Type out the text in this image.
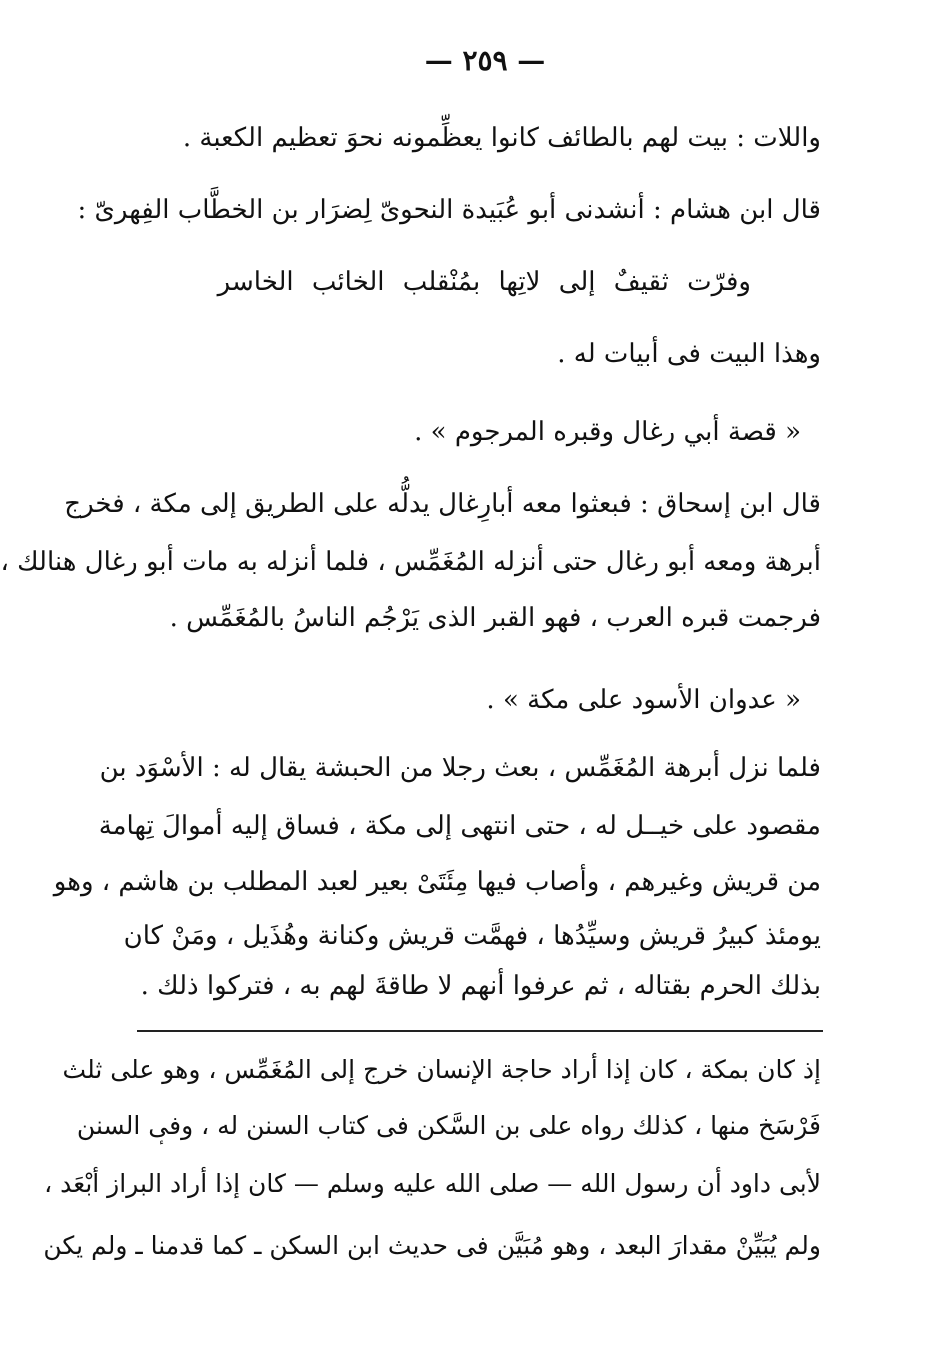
— ٢٥٩ —
واللات : بيت لهم بالطائف كانوا يعظِّمونه نحوَ تعظيم الكعبة .
قال ابن هشام : أنشدنى أبو عُبَيدة النحوىّ لِضرَار بن الخطَّاب الفِهرىّ :
وفرّت ثقيفٌ إلى لاتِها بمُنْقلب الخائب الخاسر
وهذا البيت فى أبيات له .
« قصة أبي رغال وقبره المرجوم » .
قال ابن إسحاق : فبعثوا معه أبارِغال يدلُّه على الطريق إلى مكة ، فخرج
أبرهة ومعه أبو رغال حتى أنزله المُغَمِّس ، فلما أنزله به مات أبو رغال هنالك ،
فرجمت قبره العرب ، فهو القبر الذى يَرْجُم الناسُ بالمُغَمِّس .
« عدوان الأسود على مكة » .
فلما نزل أبرهة المُغَمِّس ، بعث رجلا من الحبشة يقال له : الأسْوَد بن
مقصود على خيــل له ، حتى انتهى إلى مكة ، فساق إليه أموالَ تِهامة
من قريش وغيرهم ، وأصاب فيها مِئَتَىْ بعير لعبد المطلب بن هاشم ، وهو
يومئذ كبيرُ قريش وسيِّدُها ، فهمَّت قريش وكنانة وهُذَيل ، ومَنْ كان
بذلك الحرم بقتاله ، ثم عرفوا أنهم لا طاقةَ لهم به ، فتركوا ذلك .
إذ كان بمكة ، كان إذا أراد حاجة الإنسان خرج إلى المُغَمِّس ، وهو على ثلث
فَرْسَخ منها ، كذلك رواه على بن السَّكن فى كتاب السنن له ، وفى السنن
لأبى داود أن رسول الله — صلى الله عليه وسلم — كان إذا أراد البراز أبْعَد ،
ولم يُبَيِّنْ مقدارَ البعد ، وهو مُبَيَّن فى حديث ابن السكن ـ كما قدمنا ـ ولم يكن
ٴ
